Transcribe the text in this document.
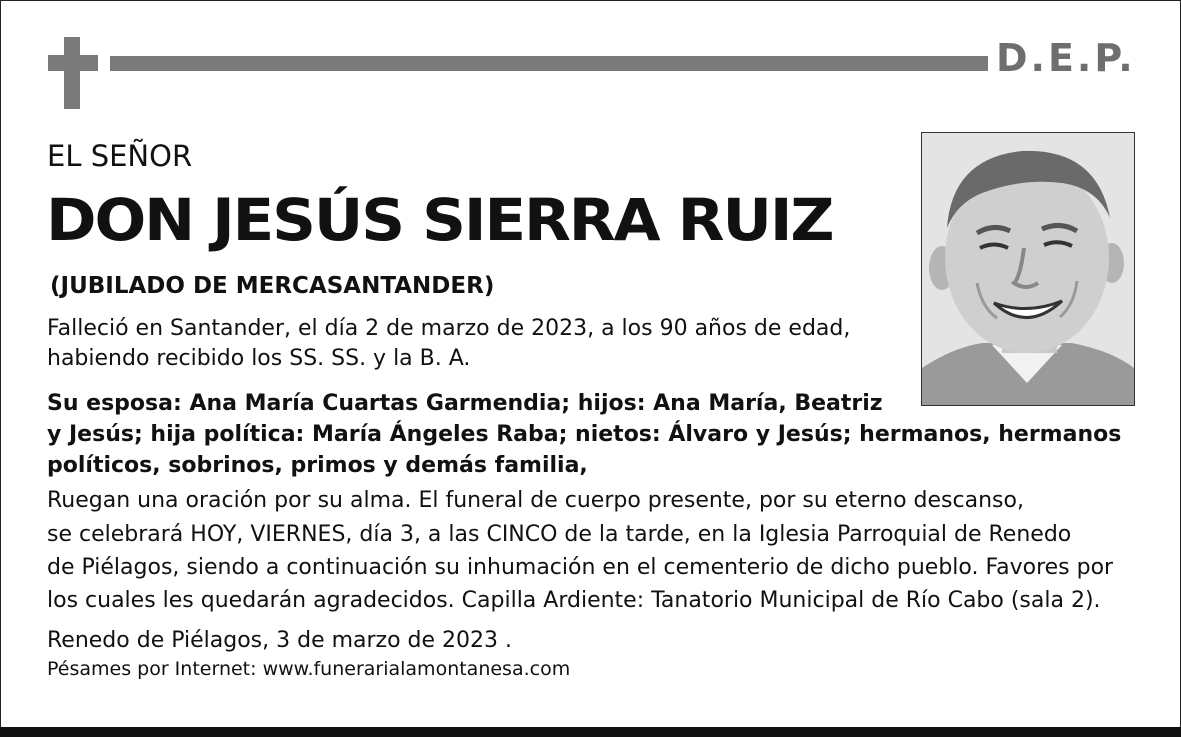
D.E.P.
EL SEÑOR
DON JESÚS SIERRA RUIZ
(JUBILADO DE MERCASANTANDER)
Falleció en Santander, el día 2 de marzo de 2023, a los 90 años de edad,
habiendo recibido los SS. SS. y la B. A.
Su esposa: Ana María Cuartas Garmendia; hijos: Ana María, Beatriz
y Jesús; hija política: María Ángeles Raba; nietos: Álvaro y Jesús; hermanos, hermanos
políticos, sobrinos, primos y demás familia,
Ruegan una oración por su alma. El funeral de cuerpo presente, por su eterno descanso,
se celebrará HOY, VIERNES, día 3, a las CINCO de la tarde, en la Iglesia Parroquial de Renedo
de Piélagos, siendo a continuación su inhumación en el cementerio de dicho pueblo. Favores por
los cuales les quedarán agradecidos. Capilla Ardiente: Tanatorio Municipal de Río Cabo (sala 2).
Renedo de Piélagos, 3 de marzo de 2023 .
Pésames por Internet: www.funerarialamontanesa.com
